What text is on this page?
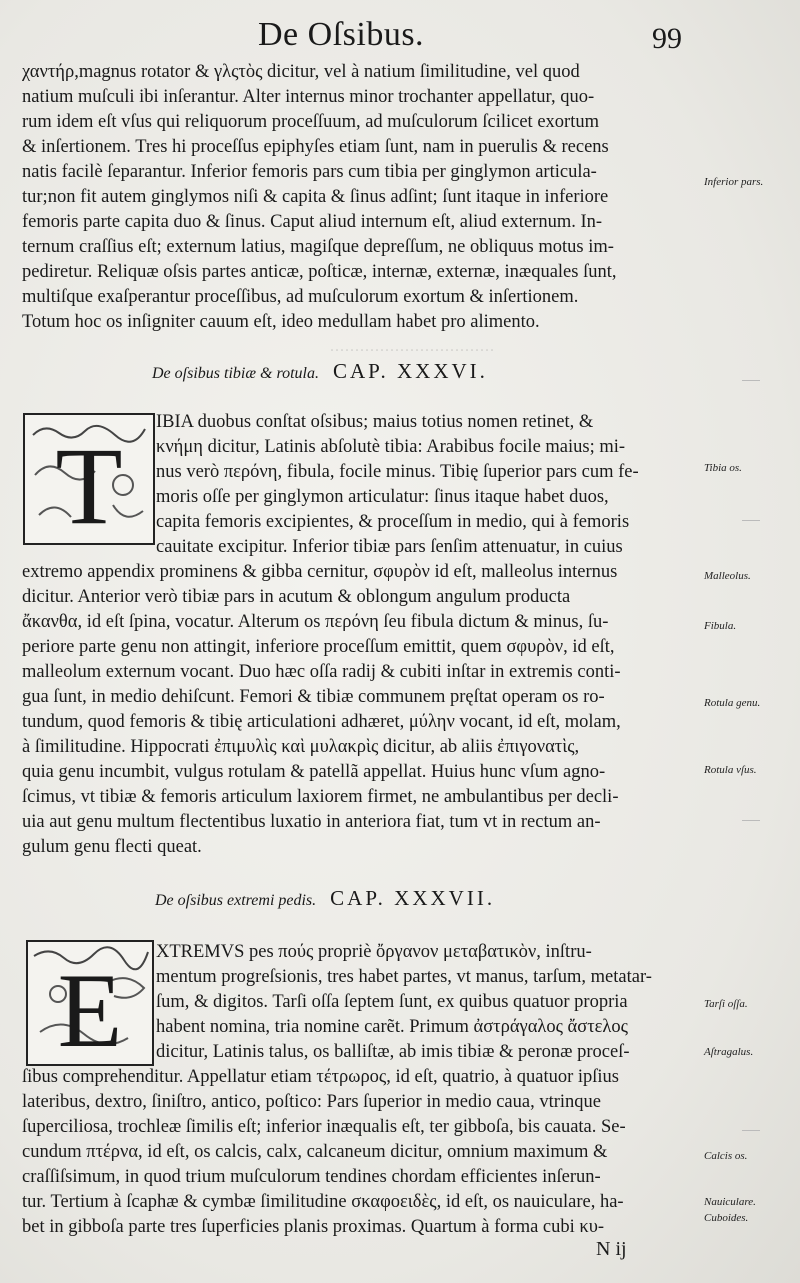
.................................
De Oſsibus.	99
χαντήρ,magnus rotator & γλςτὸς dicitur, vel à natium ſimilitudine, vel quod
natium muſculi ibi inſerantur. Alter internus minor trochanter appellatur, quo-
rum idem eſt vſus qui reliquorum proceſſuum, ad muſculorum ſcilicet exortum
& inſertionem. Tres hi proceſſus epiphyſes etiam ſunt, nam in puerulis & recens
natis facilè ſeparantur. Inferior femoris pars cum tibia per ginglymon articula-
tur;non fit autem ginglymos niſi & capita & ſinus adſint; ſunt itaque in inferiore
femoris parte capita duo & ſinus. Caput aliud internum eſt, aliud externum. In-
ternum craſſius eſt; externum latius, magiſque depreſſum, ne obliquus motus im-
pediretur. Reliquæ oſsis partes anticæ, poſticæ, internæ, externæ, inæquales ſunt,
multiſque exaſperantur proceſſibus, ad muſculorum exortum & inſertionem.
Totum hoc os inſigniter cauum eſt, ideo medullam habet pro alimento.
De oſsibus tibiæ & rotula. CAP. XXXVI.
T
IBIA duobus conſtat oſsibus; maius totius nomen retinet, &
κνήμη dicitur, Latinis abſolutè tibia: Arabibus focile maius; mi-
nus verò περόνη, fibula, focile minus. Tibię ſuperior pars cum fe-
moris oſſe per ginglymon articulatur: ſinus itaque habet duos,
capita femoris excipientes, & proceſſum in medio, qui à femoris
cauitate excipitur. Inferior tibiæ pars ſenſim attenuatur, in cuius
extremo appendix prominens & gibba cernitur, σφυρὸν id eſt, malleolus internus
dicitur. Anterior verò tibiæ pars in acutum & oblongum angulum producta
ἄκανθα, id eſt ſpina, vocatur. Alterum os περόνη ſeu fibula dictum & minus, ſu-
periore parte genu non attingit, inferiore proceſſum emittit, quem σφυρὸν, id eſt,
malleolum externum vocant. Duo hæc oſſa radij & cubiti inſtar in extremis conti-
gua ſunt, in medio dehiſcunt. Femori & tibiæ communem pręſtat operam os ro-
tundum, quod femoris & tibię articulationi adhæret, μύλην vocant, id eſt, molam,
à ſimilitudine. Hippocrati ἐπιμυλὶς καὶ μυλακρὶς dicitur, ab aliis ἐπιγονατὶς,
quia genu incumbit, vulgus rotulam & patellã appellat. Huius hunc vſum agno-
ſcimus, vt tibiæ & femoris articulum laxiorem firmet, ne ambulantibus per decli-
uia aut genu multum flectentibus luxatio in anteriora fiat, tum vt in rectum an-
gulum genu flecti queat.
De oſsibus extremi pedis. CAP. XXXVII.
E XTREMVS pes πούς propriè ὄργανον μεταβατικὸν, inſtru-
mentum progreſsionis, tres habet partes, vt manus, tarſum, metatar-
ſum, & digitos. Tarſi oſſa ſeptem ſunt, ex quibus quatuor propria
habent nomina, tria nomine carẽt. Primum ἀστράγαλος ἄστελος
dicitur, Latinis talus, os balliſtæ, ab imis tibiæ & peronæ proceſ-
ſibus comprehenditur. Appellatur etiam τέτρωρος, id eſt, quatrio, à quatuor ipſius
lateribus, dextro, ſiniſtro, antico, poſtico: Pars ſuperior in medio caua, vtrinque
ſuperciliosa, trochleæ ſimilis eſt; inferior inæqualis eſt, ter gibboſa, bis cauata. Se-
cundum πτέρνα, id eſt, os calcis, calx, calcaneum dicitur, omnium maximum &
craſſiſsimum, in quod trium muſculorum tendines chordam efficientes inſerun-
tur. Tertium à ſcaphæ & cymbæ ſimilitudine σκαφοειδὲς, id eſt, os nauiculare, ha-
bet in gibboſa parte tres ſuperficies planis proximas. Quartum à forma cubi κυ-
Inferior pars.
Tibia os.
Malleolus.
Fibula.
Rotula genu.
Rotula vſus.
Tarſi oſſa.
Aſtragalus.
Calcis os.
Nauiculare.
Cuboides.
N ij
